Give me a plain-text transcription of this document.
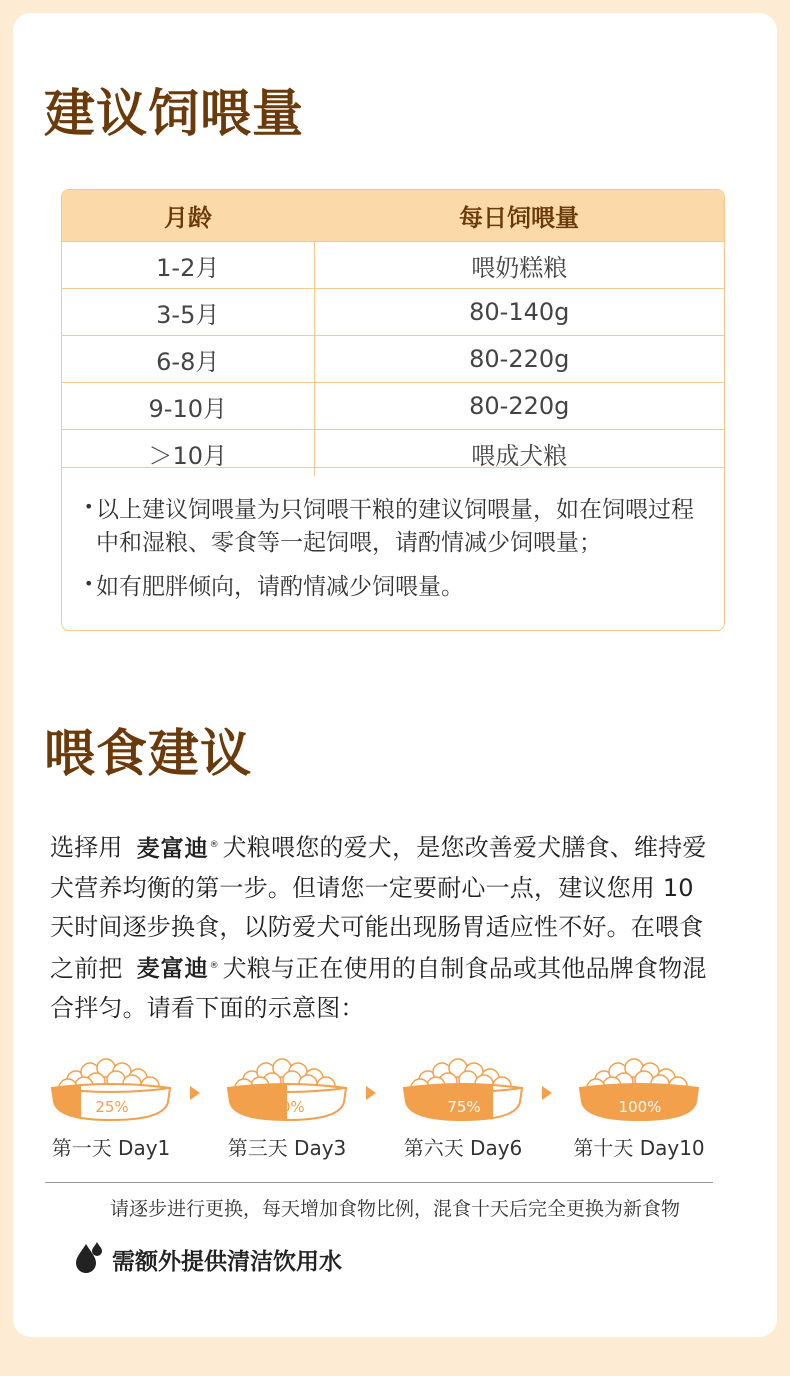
建议饲喂量
月龄	每日饲喂量
1-2月	喂奶糕粮
3-5月	80-140g
6-8月	80-220g
9-10月	80-220g
＞10月	喂成犬粮
• 以上建议饲喂量为只饲喂干粮的建议饲喂量，如在饲喂过程中和湿粮、零食等一起饲喂，请酌情减少饲喂量；
• 如有肥胖倾向，请酌情减少饲喂量。
喂食建议

选择用 麦富迪® 犬粮喂您的爱犬，是您改善爱犬膳食、维持爱犬营养均衡的第一步。但请您一定要耐心一点，建议您用 10 天时间逐步换食，以防爱犬可能出现肠胃适应性不好。在喂食之前把 麦富迪® 犬粮与正在使用的自制食品或其他品牌食物混合拌匀。请看下面的示意图：

25%
第一天 Day1
50%
第三天 Day3
75%
第六天 Day6
100%
第十天 Day10

请逐步进行更换，每天增加食物比例，混食十天后完全更换为新食物

需额外提供清洁饮用水
